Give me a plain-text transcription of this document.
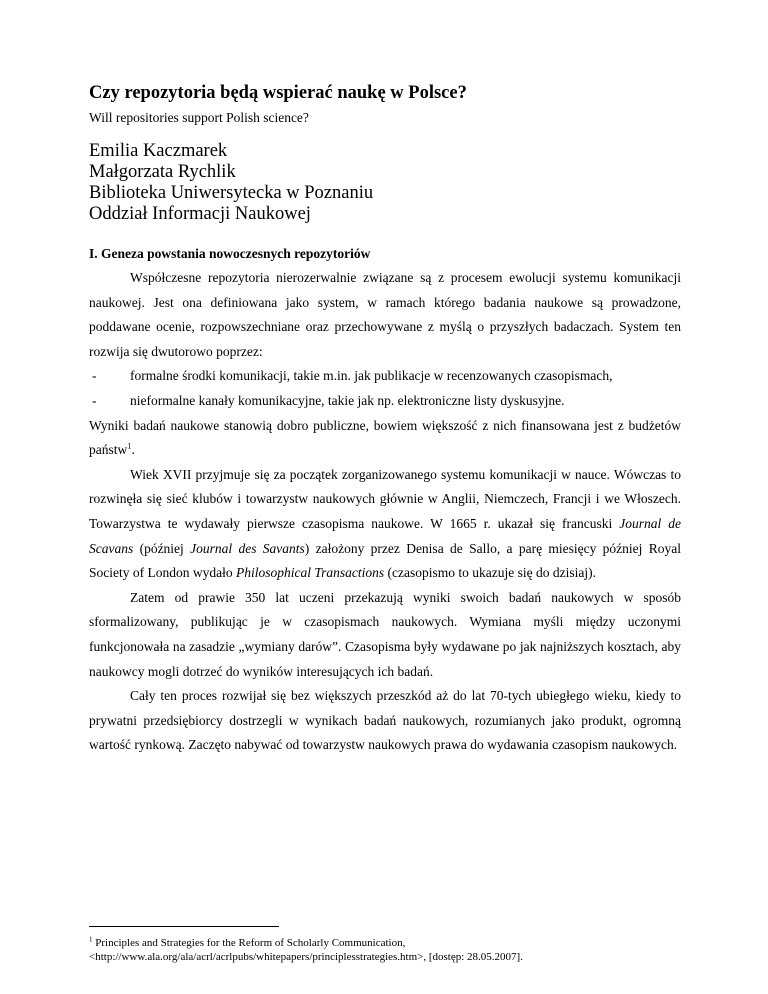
Czy repozytoria będą wspierać naukę w Polsce?

Will repositories support Polish science?

Emilia Kaczmarek
Małgorzata Rychlik
Biblioteka Uniwersytecka w Poznaniu
Oddział Informacji Naukowej
I. Geneza powstania nowoczesnych repozytoriów

Współczesne repozytoria nierozerwalnie związane są z procesem ewolucji systemu komunikacji naukowej. Jest ona definiowana jako system, w ramach którego badania naukowe są prowadzone, poddawane ocenie, rozpowszechniane oraz przechowywane z myślą o przyszłych badaczach. System ten rozwija się dwutorowo poprzez:

- formalne środki komunikacji, takie m.in. jak publikacje w recenzowanych czasopismach,
- nieformalne kanały komunikacyjne, takie jak np. elektroniczne listy dyskusyjne.

Wyniki badań naukowe stanowią dobro publiczne, bowiem większość z nich finansowana jest z budżetów państw$^1$.

Wiek XVII przyjmuje się za początek zorganizowanego systemu komunikacji w nauce. Wówczas to rozwinęła się sieć klubów i towarzystw naukowych głównie w Anglii, Niemczech, Francji i we Włoszech. Towarzystwa te wydawały pierwsze czasopisma naukowe. W 1665 r. ukazał się francuski Journal de Scavans (później Journal des Savants) założony przez Denisa de Sallo, a parę miesięcy później Royal Society of London wydało Philosophical Transactions (czasopismo to ukazuje się do dzisiaj).

Zatem od prawie 350 lat uczeni przekazują wyniki swoich badań naukowych w sposób sformalizowany, publikując je w czasopismach naukowych. Wymiana myśli między uczonymi funkcjonowała na zasadzie „wymiany darów”. Czasopisma były wydawane po jak najniższych kosztach, aby naukowcy mogli dotrzeć do wyników interesujących ich badań.

Cały ten proces rozwijał się bez większych przeszkód aż do lat 70-tych ubiegłego wieku, kiedy to prywatni przedsiębiorcy dostrzegli w wynikach badań naukowych, rozumianych jako produkt, ogromną wartość rynkową. Zaczęto nabywać od towarzystw naukowych prawa do wydawania czasopism naukowych.

$^1$ Principles and Strategies for the Reform of Scholarly Communication,
<http://www.ala.org/ala/acrl/acrlpubs/whitepapers/principlesstrategies.htm>, [dostęp: 28.05.2007].
